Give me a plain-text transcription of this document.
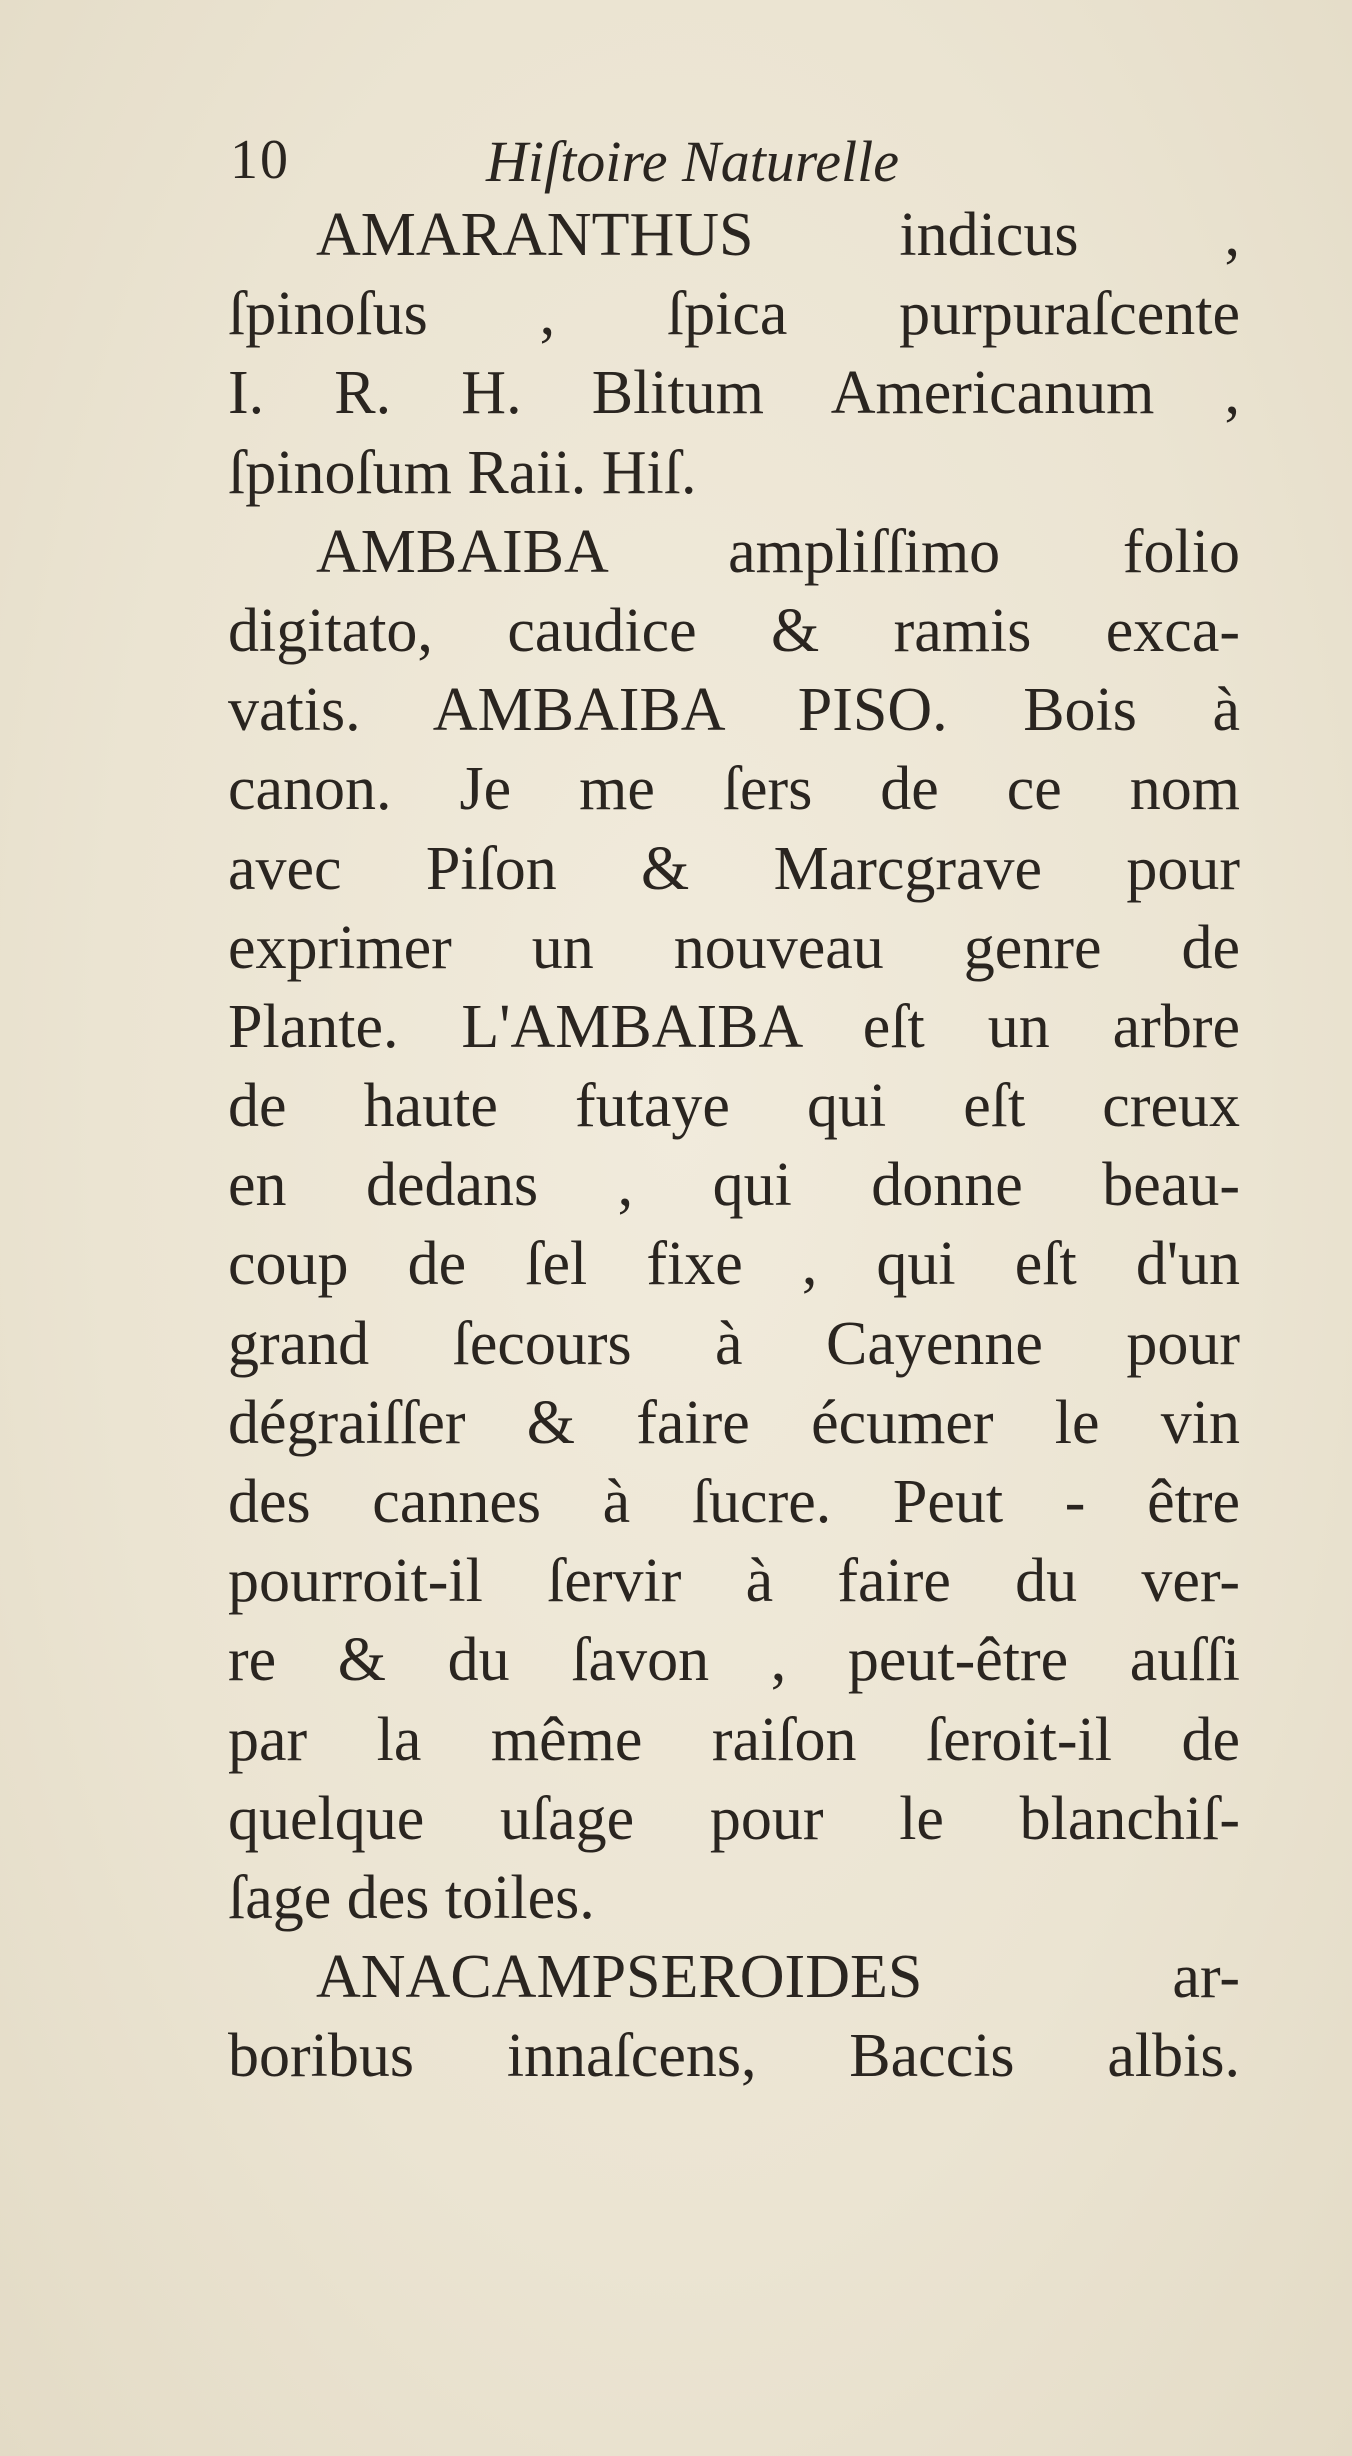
10	Hiſtoire Naturelle
AMARANTHUS indicus ,
ſpinoſus , ſpica purpuraſcente
I. R. H. Blitum Americanum ,
ſpinoſum Raii. Hiſ.
AMBAIBA ampliſſimo folio
digitato, caudice & ramis exca-
vatis. AMBAIBA PISO. Bois à
canon. Je me ſers de ce nom
avec Piſon & Marcgrave pour
exprimer un nouveau genre de
Plante. L'AMBAIBA eſt un arbre
de haute futaye qui eſt creux
en dedans , qui donne beau-
coup de ſel fixe , qui eſt d'un
grand ſecours à Cayenne pour
dégraiſſer & faire écumer le vin
des cannes à ſucre. Peut - être
pourroit-il ſervir à faire du ver-
re & du ſavon , peut-être auſſi
par la même raiſon ſeroit-il de
quelque uſage pour le blanchiſ-
ſage des toiles.
ANACAMPSEROIDES ar-
boribus innaſcens, Baccis albis.
